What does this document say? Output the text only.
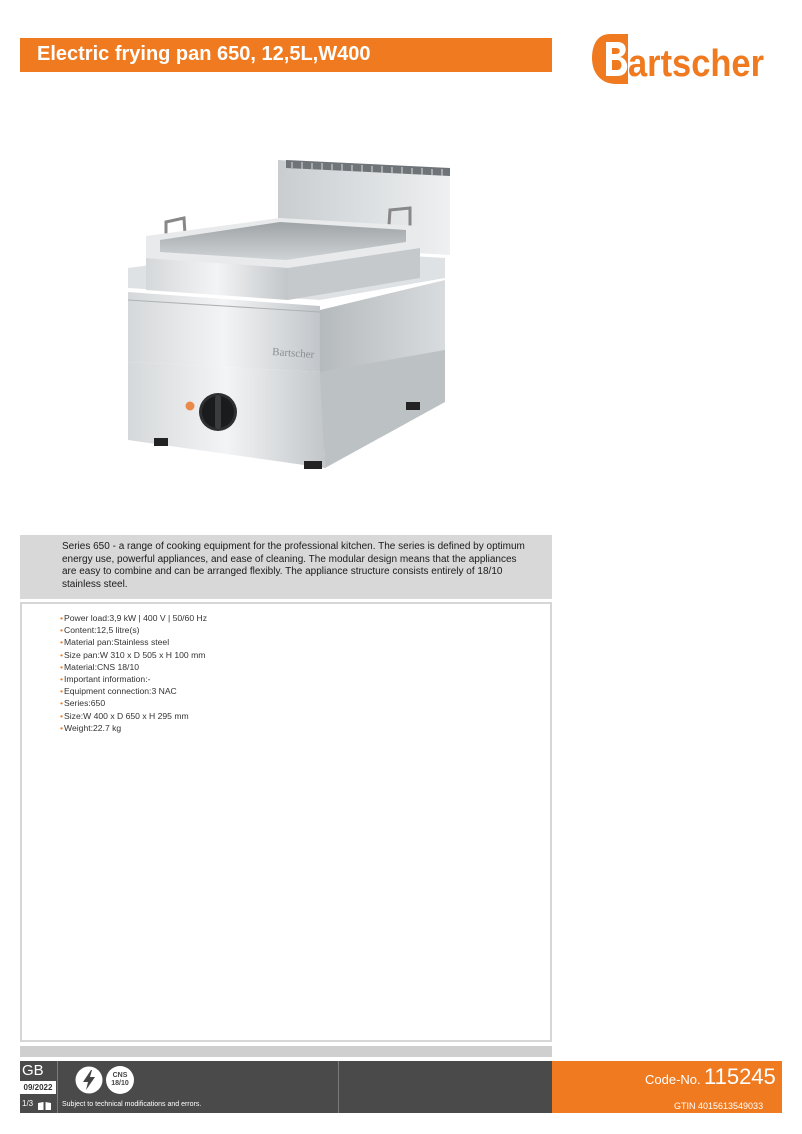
Electric frying pan 650, 12,5L,W400	artscher
Bartscher

Series 650 - a range of cooking equipment for the professional kitchen. The series is defined by optimum energy use, powerful appliances, and ease of cleaning. The modular design means that the appliances are easy to combine and can be arranged flexibly. The appliance structure consists entirely of 18/10 stainless steel.

•Power load:3,9 kW | 400 V | 50/60 Hz
•Content:12,5 litre(s)
•Material pan:Stainless steel
•Size pan:W 310 x D 505 x H 100 mm
•Material:CNS 18/10
•Important information:-
•Equipment connection:3 NAC
•Series:650
•Size:W 400 x D 650 x H 295 mm
•Weight:22.7 kg
GB
09/2022
1/3
CNS
18/10
Subject to technical modifications and errors.
Code-No. 115245
GTIN 4015613549033
